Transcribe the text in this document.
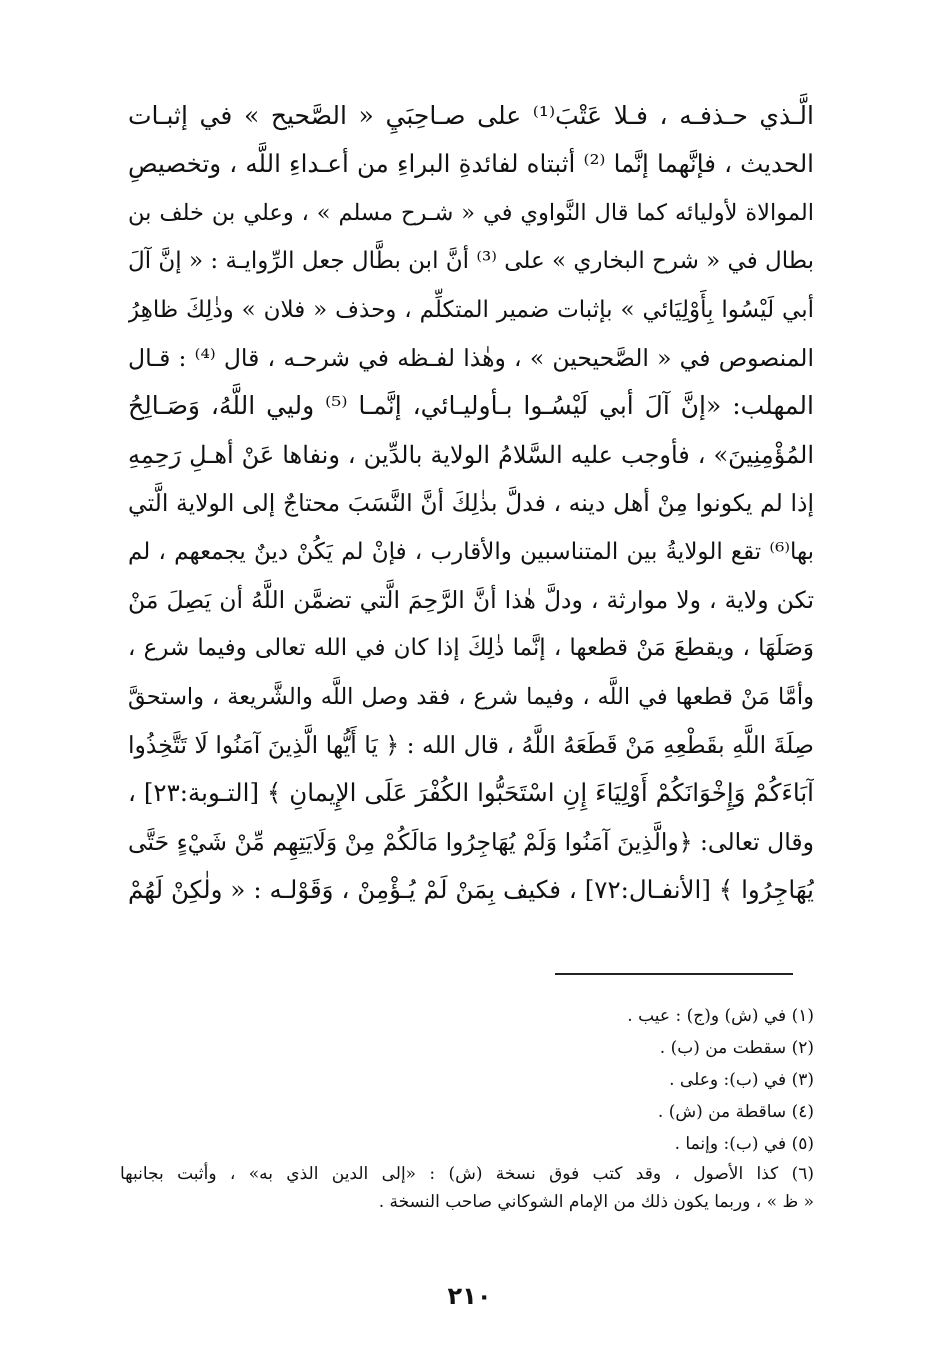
الَّـذي حـذفـه ، فـلا عَتْبَ⁽¹⁾ على صـاحِبَيِ « الصَّحيح » في إثبـات
الحديث ، فإنَّهما إنَّما ⁽²⁾ أثبتاه لفائدةِ البراءِ من أعـداءِ اللَّه ، وتخصيصِ
الموالاة لأوليائه كما قال النَّواوي في « شـرح مسلم » ، وعلي بن خلف بن
بطال في « شرح البخاري » على ⁽³⁾ أنَّ ابن بطَّال جعل الرِّوايـة : « إنَّ آلَ
أبي لَيْسُوا بِأَوْلِيَائي » بإثبات ضمير المتكلِّم ، وحذف « فلان » وذٰلِكَ ظاهِرُ
المنصوص في « الصَّحيحين » ، وهٰذا لفـظه في شرحـه ، قال ⁽⁴⁾ : قـال
المهلب: «إنَّ آلَ أبي لَيْسُـوا بـأوليـائي، إنَّمـا ⁽⁵⁾ وليي اللَّهُ، وَصَـالِحُ
المُؤْمِنِينَ» ، فأوجب عليه السَّلامُ الولاية بالدِّين ، ونفاها عَنْ أهـلِ رَحِمِهِ
إذا لم يكونوا مِنْ أهل دينه ، فدلَّ بذٰلِكَ أنَّ النَّسَبَ محتاجٌ إلى الولاية الَّتي
بها⁽⁶⁾ تقع الولايةُ بين المتناسبين والأقارب ، فإنْ لم يَكُنْ دينٌ يجمعهم ، لم
تكن ولاية ، ولا موارثة ، ودلَّ هٰذا أنَّ الرَّحِمَ الَّتي تضمَّن اللَّهُ أن يَصِلَ مَنْ
وَصَلَهَا ، ويقطعَ مَنْ قطعها ، إنَّما ذٰلِكَ إذا كان في الله تعالى وفيما شرع ،
وأمَّا مَنْ قطعها في اللَّه ، وفيما شرع ، فقد وصل اللَّه والشَّريعة ، واستحقَّ
صِلَةَ اللَّهِ بقَطْعِهِ مَنْ قَطَعَهُ اللَّهُ ، قال الله : ﴿ يَا أَيُّها الَّذِينَ آمَنُوا لَا تَتَّخِذُوا
آبَاءَكُمْ وَإِخْوَانَكُمْ أَوْلِيَاءَ إِنِ اسْتَحَبُّوا الكُفْرَ عَلَى الإِيمانِ ﴾ [التـوبة:٢٣] ،
وقال تعالى: ﴿والَّذِينَ آمَنُوا وَلَمْ يُهَاجِرُوا مَالَكُمْ مِنْ وَلَايَتِهِم مِّنْ شَيْءٍ حَتَّى
يُهَاجِرُوا ﴾ [الأنفـال:٧٢] ، فكيف بِمَنْ لَمْ يُـؤْمِنْ ، وَقَوْلـه : « ولٰكِنْ لَهُمْ
(١) في (ش) و(ج) : عيب .
(٢) سقطت من (ب) .
(٣) في (ب): وعلى .
(٤) ساقطة من (ش) .
(٥) في (ب): وإنما .
(٦) كذا الأصول ، وقد كتب فوق نسخة (ش) : «إلى الدين الذي به» ، وأثبت بجانبها
« ظ » ، وربما يكون ذلك من الإمام الشوكاني صاحب النسخة .
٢١٠
